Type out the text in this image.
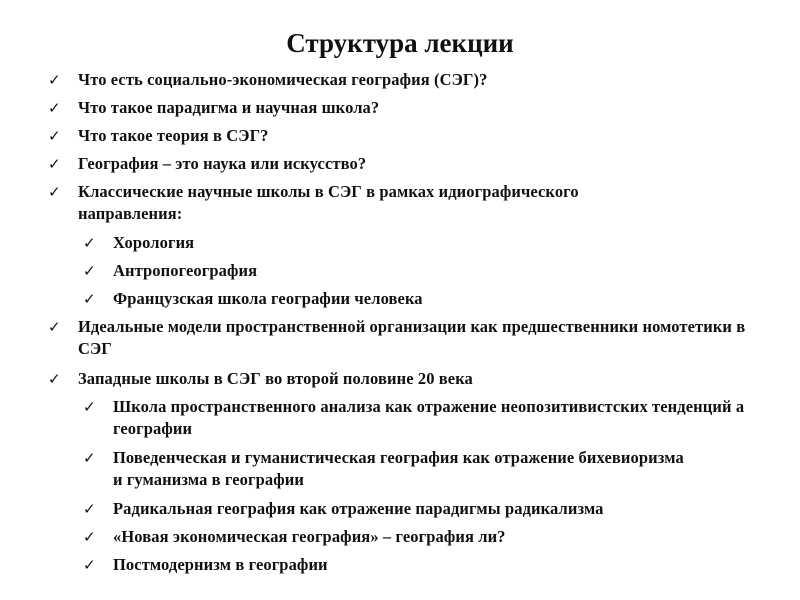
Структура лекции
✓ Что есть социально-экономическая география (СЭГ)?
✓ Что такое парадигма и научная школа?
✓ Что такое теория в СЭГ?
✓ География – это наука или искусство?
✓ Классические научные школы в СЭГ в рамках идиографического направления:
✓ Хорология
✓ Антропогеография
✓ Французская школа географии человека
✓ Идеальные модели пространственной организации как предшественники номотетики в СЭГ
✓ Западные школы в СЭГ во второй половине 20 века
✓ Школа пространственного анализа как отражение неопозитивистских тенденций а географии
✓ Поведенческая и гуманистическая география как отражение бихевиоризма и гуманизма в географии
✓ Радикальная география как отражение парадигмы радикализма
✓ «Новая экономическая география» – география ли?
✓ Постмодернизм в географии
